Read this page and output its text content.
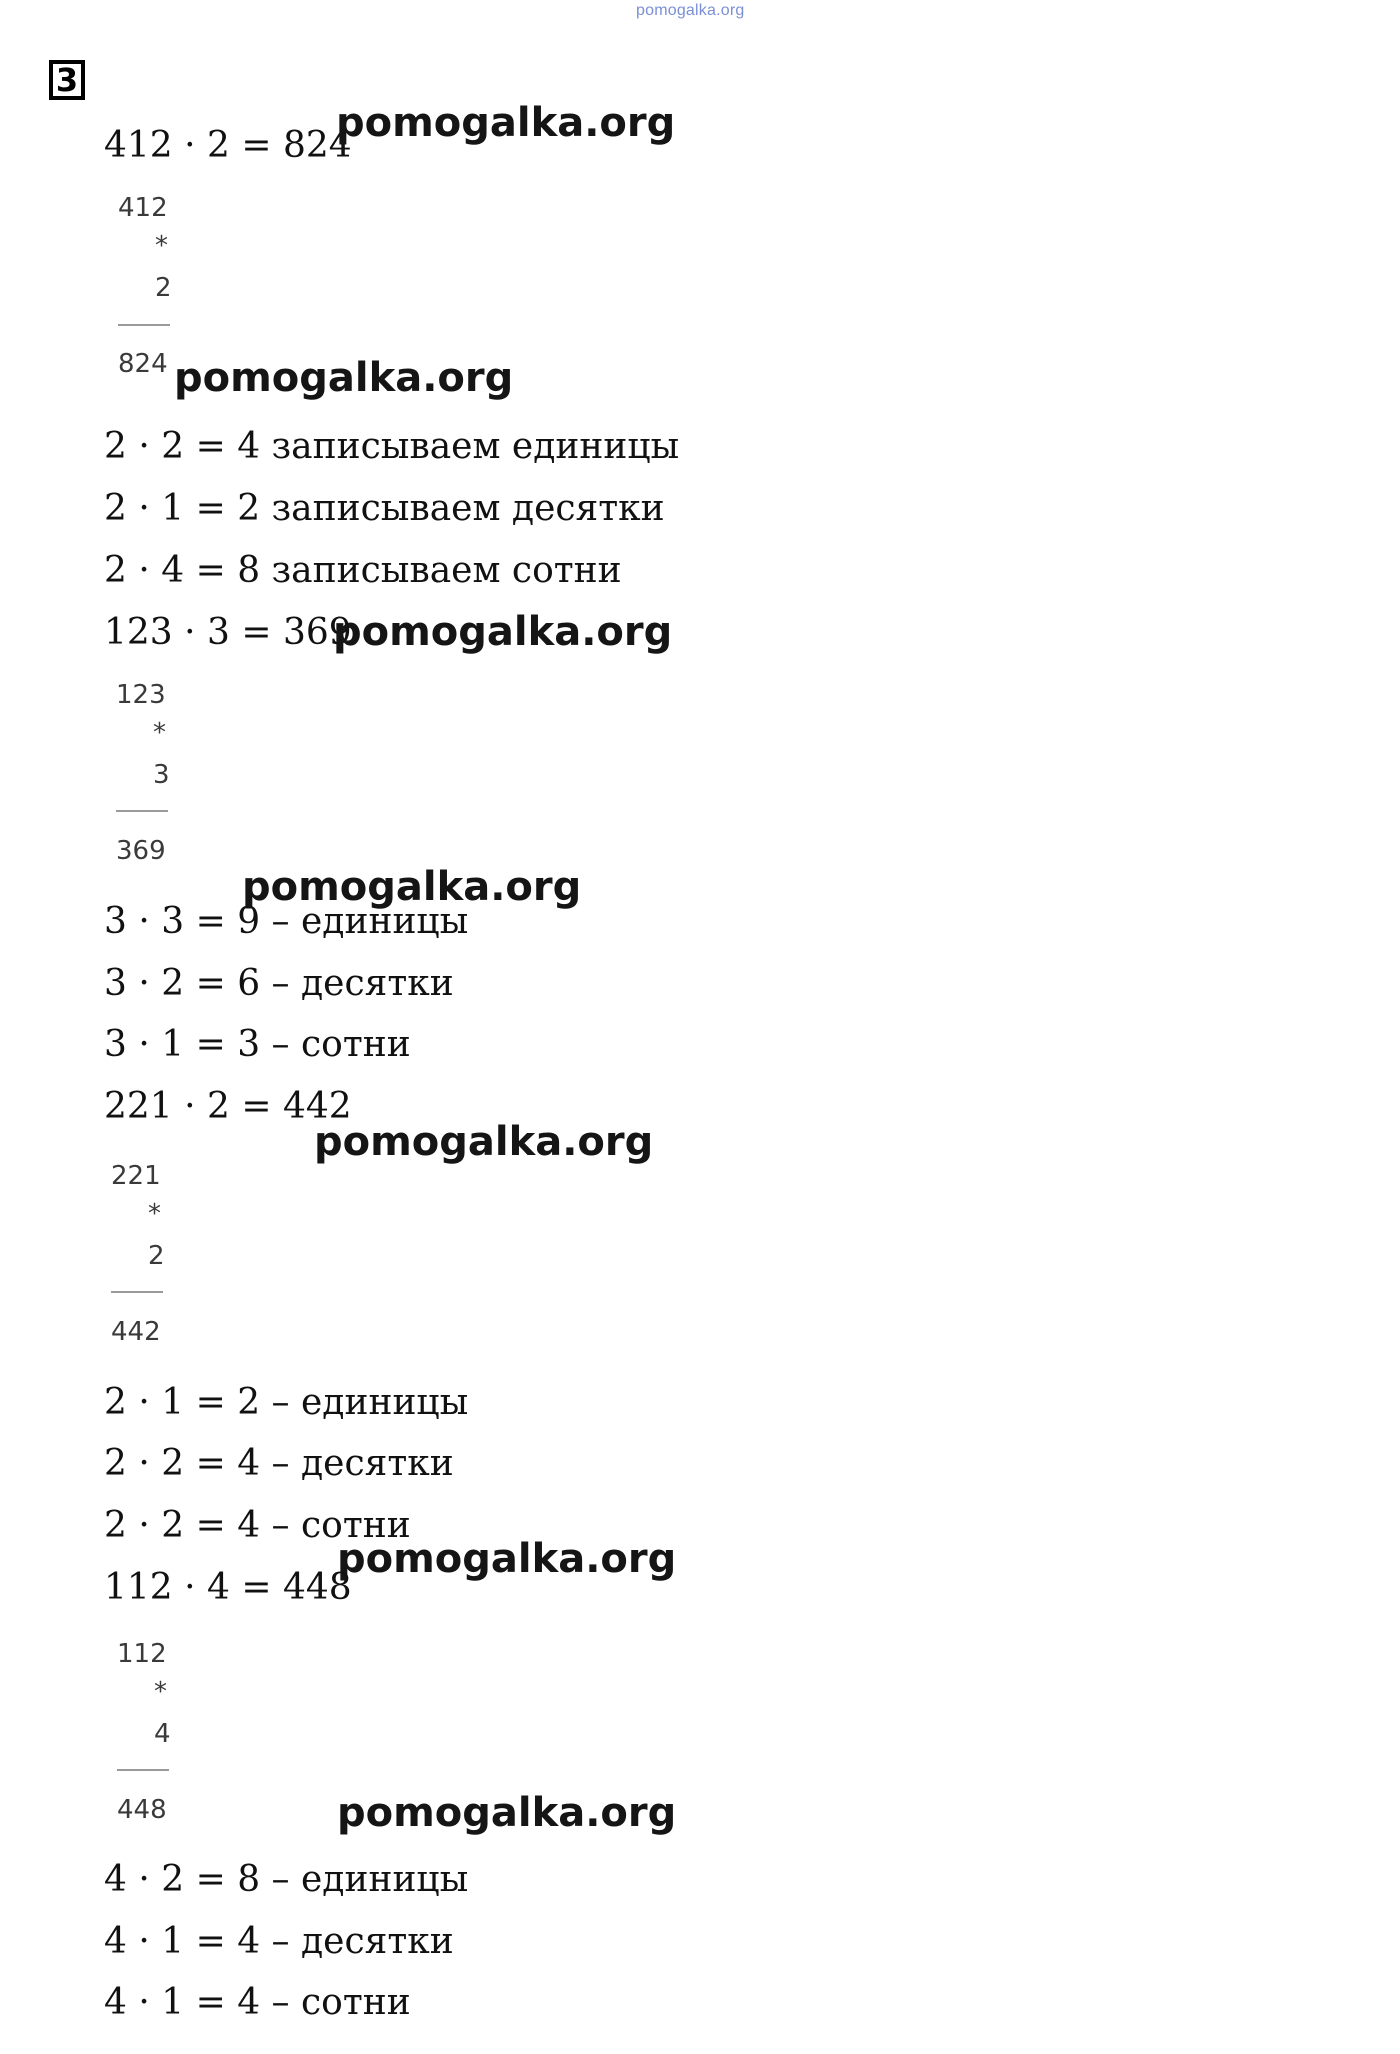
pomogalka.org
3
412 · 2 = 824
pomogalka.org
412
*
2
824 pomogalka.org
2 · 2 = 4 записываем единицы
2 · 1 = 2 записываем десятки
2 · 4 = 8 записываем сотни
123 · 3 = 369
pomogalka.org
123
*
3
369
pomogalka.org
3 · 3 = 9 – единицы
3 · 2 = 6 – десятки
3 · 1 = 3 – сотни
221 · 2 = 442
pomogalka.org
221
*
2
442
2 · 1 = 2 – единицы
2 · 2 = 4 – десятки
2 · 2 = 4 – сотни
pomogalka.org
112 · 4 = 448
112
*
4
448	pomogalka.org
4 · 2 = 8 – единицы
4 · 1 = 4 – десятки
4 · 1 = 4 – сотни
